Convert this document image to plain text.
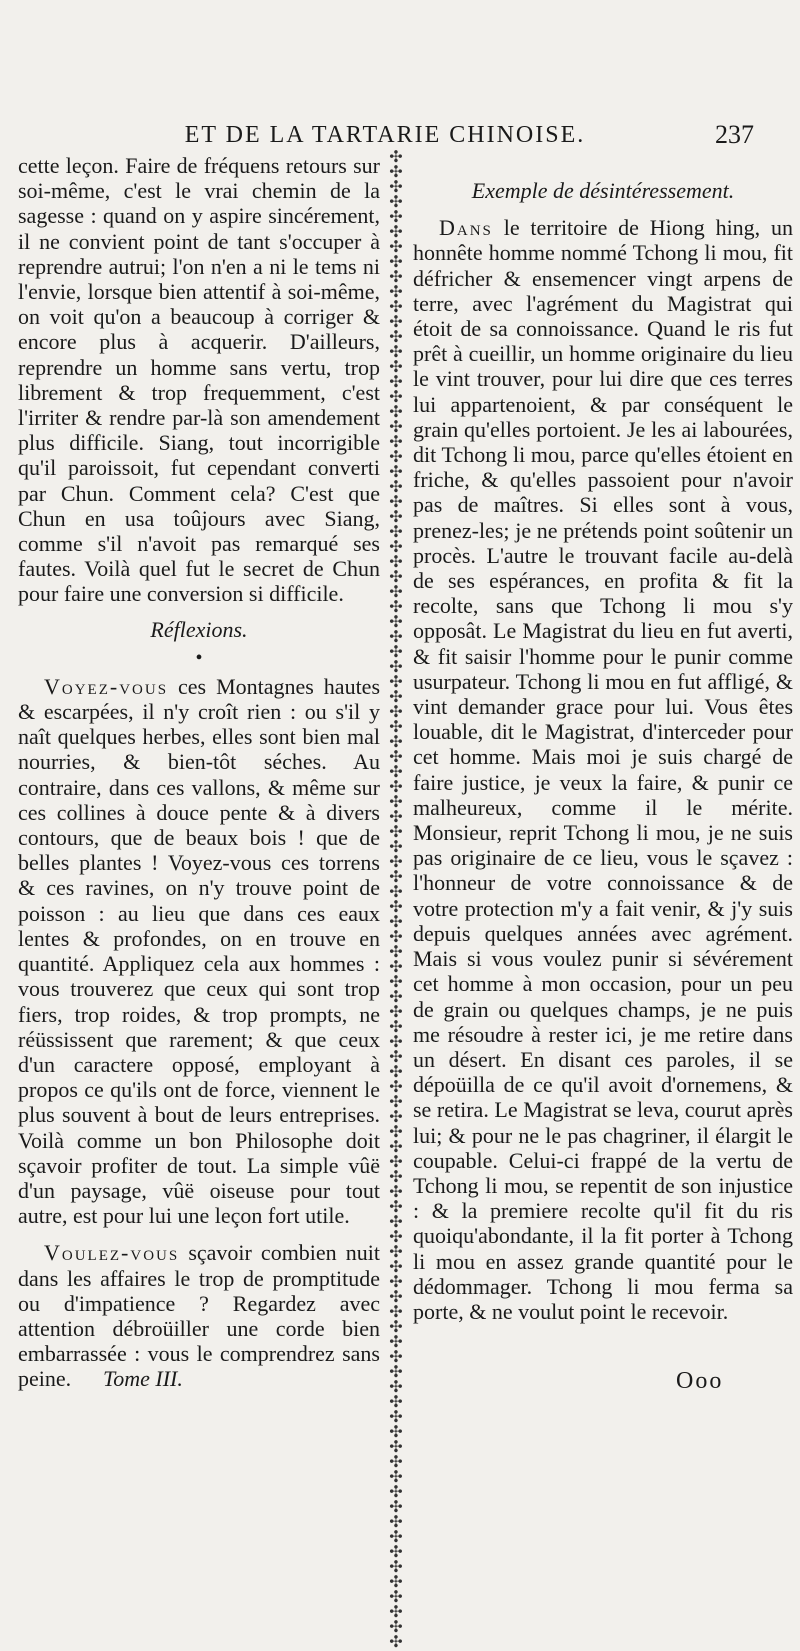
ET DE LA TARTARIE CHINOISE.	237

cette leçon. Faire de fréquens retours sur soi-même, c'est le vrai chemin de la sagesse : quand on y aspire sincérement, il ne convient point de tant s'occuper à reprendre autrui; l'on n'en a ni le tems ni l'envie, lorsque bien attentif à soi-même, on voit qu'on a beaucoup à corriger & encore plus à acquerir. D'ailleurs, reprendre un homme sans vertu, trop librement & trop frequemment, c'est l'irriter & rendre par-là son amendement plus difficile. Siang, tout incorrigible qu'il paroissoit, fut cependant converti par Chun. Comment cela? C'est que Chun en usa toûjours avec Siang, comme s'il n'avoit pas remarqué ses fautes. Voilà quel fut le secret de Chun pour faire une conversion si difficile.

Réflexions.
•

Voyez-vous ces Montagnes hautes & escarpées, il n'y croît rien : ou s'il y naît quelques herbes, elles sont bien mal nourries, & bien-tôt séches. Au contraire, dans ces vallons, & même sur ces collines à douce pente & à divers contours, que de beaux bois ! que de belles plantes ! Voyez-vous ces torrens & ces ravines, on n'y trouve point de poisson : au lieu que dans ces eaux lentes & profondes, on en trouve en quantité. Appliquez cela aux hommes : vous trouverez que ceux qui sont trop fiers, trop roides, & trop prompts, ne réüssissent que rarement; & que ceux d'un caractere opposé, employant à propos ce qu'ils ont de force, viennent le plus souvent à bout de leurs entreprises. Voilà comme un bon Philosophe doit sçavoir profiter de tout. La simple vûë d'un paysage, vûë oiseuse pour tout autre, est pour lui une leçon fort utile.

Voulez-vous sçavoir combien nuit dans les affaires le trop de promptitude ou d'impatience ? Regardez avec attention débroüiller une corde bien embarrassée : vous le comprendrez sans peine.

✣ ✣ ✣ ✣ ✣ ✣ ✣ ✣ ✣ ✣ ✣ ✣ ✣ ✣ ✣ ✣ ✣ ✣ ✣ ✣ ✣ ✣ ✣ ✣ ✣ ✣ ✣ ✣ ✣ ✣ ✣ ✣ ✣ ✣ ✣ ✣ ✣ ✣ ✣ ✣ ✣ ✣ ✣ ✣ ✣ ✣ ✣ ✣ ✣ ✣ ✣ ✣ ✣ ✣ ✣ ✣ ✣ ✣ ✣ ✣ ✣ ✣ ✣ ✣ ✣ ✣ ✣ ✣ ✣ ✣ ✣ ✣ ✣ ✣ ✣ ✣ ✣ ✣ ✣ ✣ ✣ ✣ ✣ ✣ ✣ ✣ ✣ ✣ ✣ ✣ ✣ ✣ ✣ ✣ ✣ ✣ ✣ ✣ ✣ ✣
Exemple de désintéressement.

Dans le territoire de Hiong hing, un honnête homme nommé Tchong li mou, fit défricher & ensemencer vingt arpens de terre, avec l'agrément du Magistrat qui étoit de sa connoissance. Quand le ris fut prêt à cueillir, un homme originaire du lieu le vint trouver, pour lui dire que ces terres lui appartenoient, & par conséquent le grain qu'elles portoient. Je les ai labourées, dit Tchong li mou, parce qu'elles étoient en friche, & qu'elles passoient pour n'avoir pas de maîtres. Si elles sont à vous, prenez-les; je ne prétends point soûtenir un procès. L'autre le trouvant facile au-delà de ses espérances, en profita & fit la recolte, sans que Tchong li mou s'y opposât. Le Magistrat du lieu en fut averti, & fit saisir l'homme pour le punir comme usurpateur. Tchong li mou en fut affligé, & vint demander grace pour lui. Vous êtes louable, dit le Magistrat, d'interceder pour cet homme. Mais moi je suis chargé de faire justice, je veux la faire, & punir ce malheureux, comme il le mérite. Monsieur, reprit Tchong li mou, je ne suis pas originaire de ce lieu, vous le sçavez : l'honneur de votre connoissance & de votre protection m'y a fait venir, & j'y suis depuis quelques années avec agrément. Mais si vous voulez punir si sévérement cet homme à mon occasion, pour un peu de grain ou quelques champs, je ne puis me résoudre à rester ici, je me retire dans un désert. En disant ces paroles, il se dépoüilla de ce qu'il avoit d'ornemens, & se retira. Le Magistrat se leva, courut après lui; & pour ne le pas chagriner, il élargit le coupable. Celui-ci frappé de la vertu de Tchong li mou, se repentit de son injustice : & la premiere recolte qu'il fit du ris quoiqu'abondante, il la fit porter à Tchong li mou en assez grande quantité pour le dédommager. Tchong li mou ferma sa porte, & ne voulut point le recevoir.

Tome III.	Ooo
